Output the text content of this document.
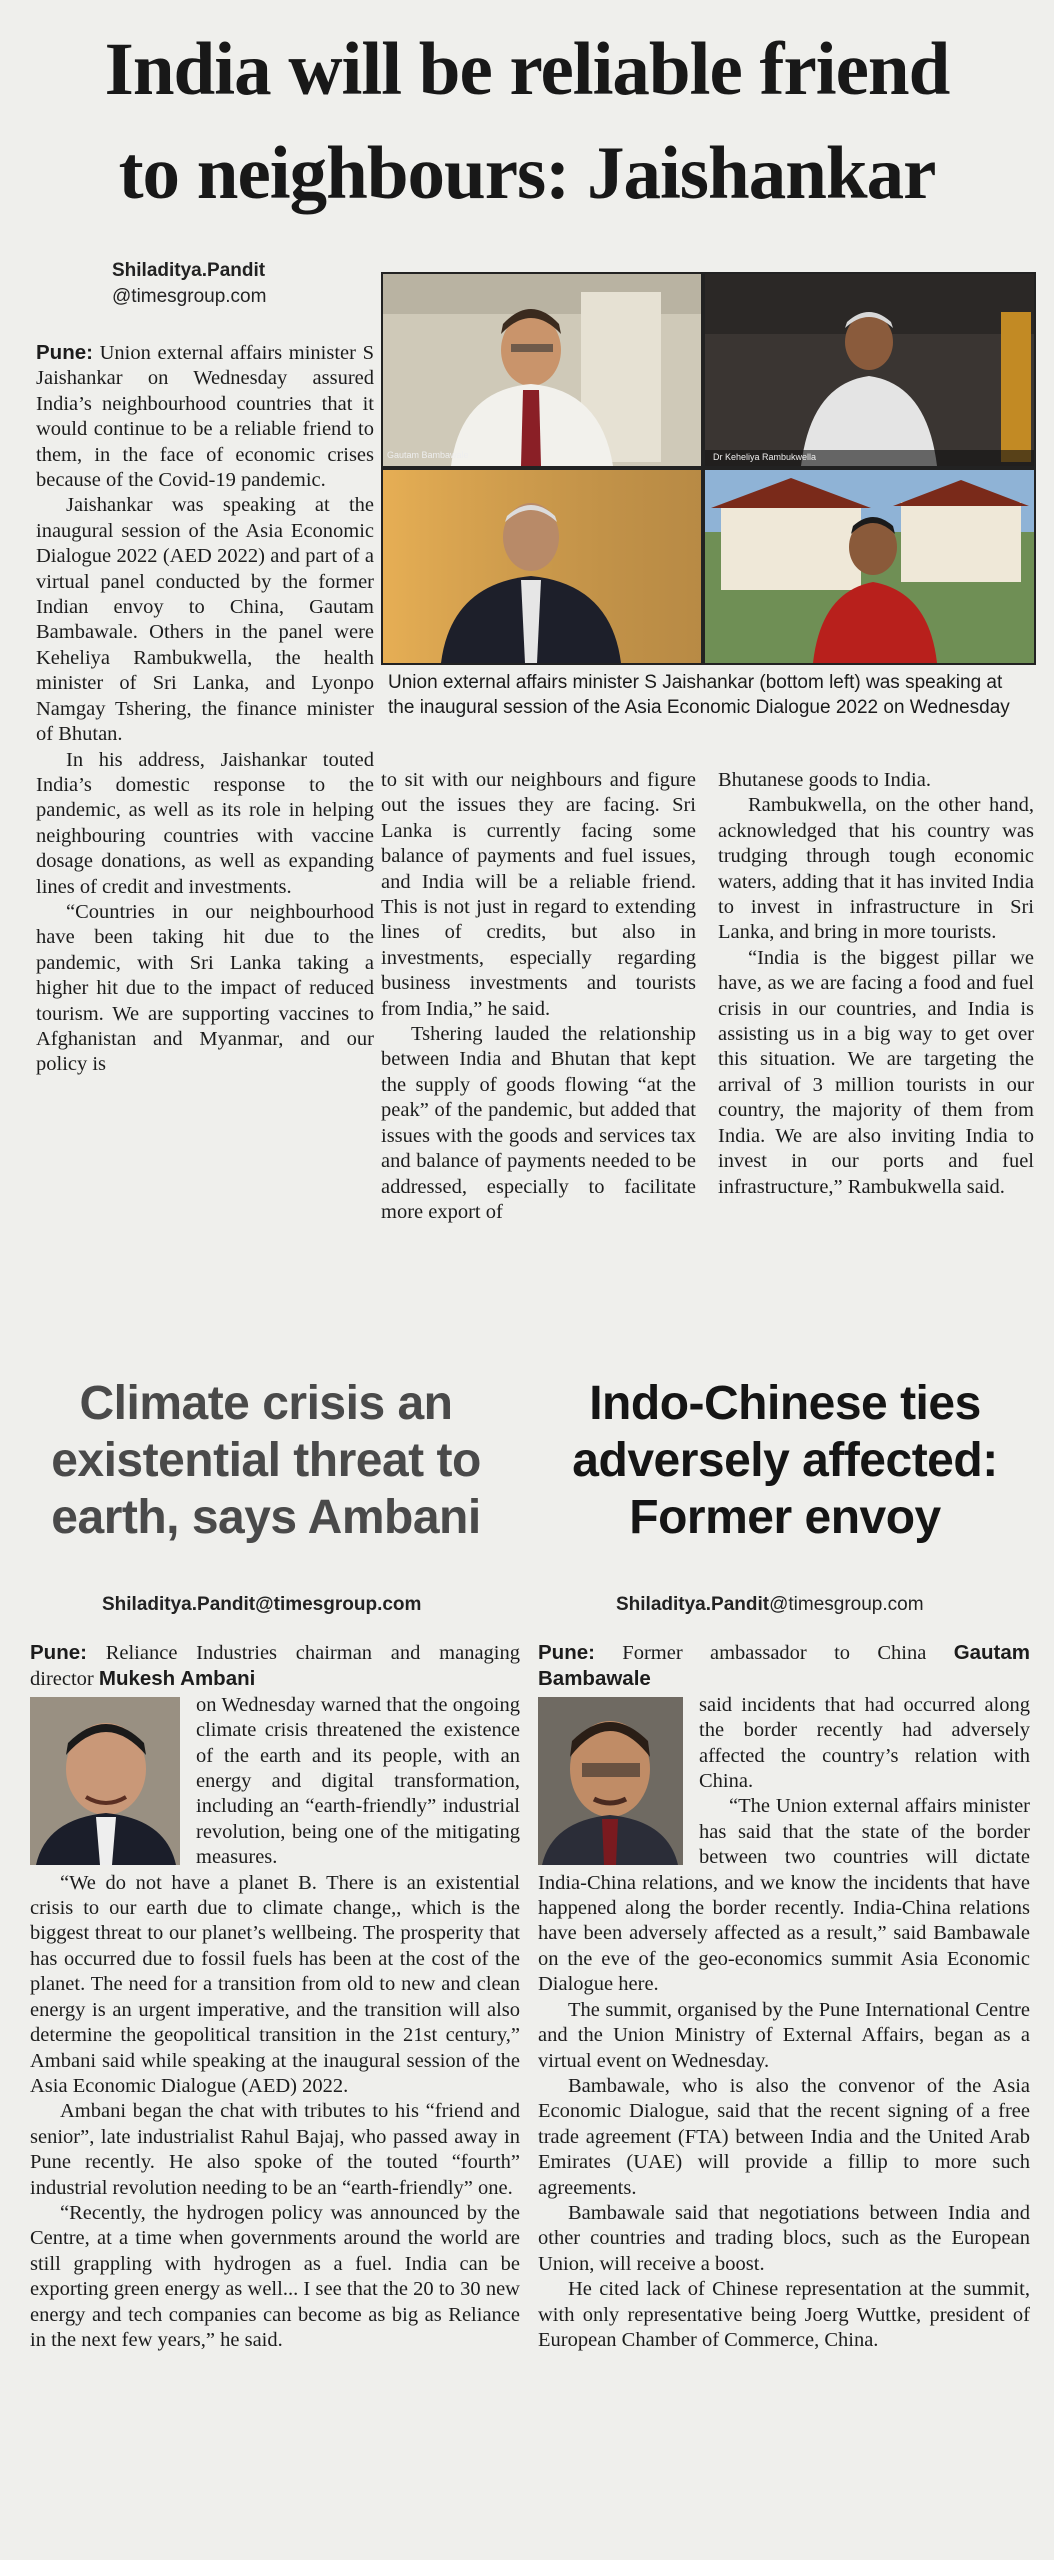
India will be reliable friend
to neighbours: Jaishankar
Shiladitya.Pandit
@timesgroup.com

Pune: Union external affairs minister S Jaishankar on Wednesday assured India’s neighbourhood countries that it would continue to be a reliable friend to them, in the face of economic crises because of the Covid-19 pandemic.

Jaishankar was speaking at the inaugural session of the Asia Economic Dialogue 2022 (AED 2022) and part of a virtual panel conducted by the former Indian envoy to China, Gautam Bambawale. Others in the panel were Keheliya Rambukwella, the health minister of Sri Lanka, and Lyonpo Namgay Tshering, the finance minister of Bhutan.

In his address, Jaishankar touted India’s domestic response to the pandemic, as well as its role in helping neighbouring countries with vaccine dosage donations, as well as expanding lines of credit and investments.

“Countries in our neighbourhood have been taking hit due to the pandemic, with Sri Lanka taking a higher hit due to the impact of reduced tourism. We are supporting vaccines to Afghanistan and Myanmar, and our policy is

Gautam Bambawale	Dr Keheliya Rambukwella
Union external affairs minister S Jaishankar (bottom left) was speaking at the inaugural session of the Asia Economic Dialogue 2022 on Wednesday

to sit with our neighbours and figure out the issues they are facing. Sri Lanka is currently facing some balance of payments and fuel issues, and India will be a reliable friend. This is not just in regard to extending lines of credits, but also in investments, especially regarding business investments and tourists from India,” he said.

Tshering lauded the relationship between India and Bhutan that kept the supply of goods flowing “at the peak” of the pandemic, but added that issues with the goods and services tax and balance of payments needed to be addressed, especially to facilitate more export of

Bhutanese goods to India.

Rambukwella, on the other hand, acknowledged that his country was trudging through tough economic waters, adding that it has invited India to invest in infrastructure in Sri Lanka, and bring in more tourists.

“India is the biggest pillar we have, as we are facing a food and fuel crisis in our countries, and India is assisting us in a big way to get over this situation. We are targeting the arrival of 3 million tourists in our country, the majority of them from India. We are also inviting India to invest in our ports and fuel infrastructure,” Rambukwella said.

Climate crisis an existential threat to earth, says Ambani
Shiladitya.Pandit@timesgroup.com

Pune: Reliance Industries chairman and managing director Mukesh Ambani

on Wednesday warned that the ongoing climate crisis threatened the existence of the earth and its people, with an energy and digital transformation, including an “earth-friendly” industrial revolution, being one of the mitigating measures.

“We do not have a planet B. There is an existential crisis to our earth due to climate change,, which is the biggest threat to our planet’s wellbeing. The prosperity that has occurred due to fossil fuels has been at the cost of the planet. The need for a transition from old to new and clean energy is an urgent imperative, and the transition will also determine the geopolitical transition in the 21st century,” Ambani said while speaking at the inaugural session of the Asia Economic Dialogue (AED) 2022.

Ambani began the chat with tributes to his “friend and senior”, late industrialist Rahul Bajaj, who passed away in Pune recently. He also spoke of the touted “fourth” industrial revolution needing to be an “earth-friendly” one.

“Recently, the hydrogen policy was announced by the Centre, at a time when governments around the world are still grappling with hydrogen as a fuel. India can be exporting green energy as well... I see that the 20 to 30 new energy and tech companies can become as big as Reliance in the next few years,” he said.

Indo-Chinese ties adversely affected: Former envoy
Shiladitya.Pandit@timesgroup.com

Pune: Former ambassador to China Gautam Bambawale

said incidents that had occurred along the border recently had adversely affected the country’s relation with China.

“The Union external affairs minister has said that the state of the border between two countries will dictate India-China relations, and we know the incidents that have happened along the border recently. India-China relations have been adversely affected as a result,” said Bambawale on the eve of the geo-economics summit Asia Economic Dialogue here.

The summit, organised by the Pune International Centre and the Union Ministry of External Affairs, began as a virtual event on Wednesday.

Bambawale, who is also the convenor of the Asia Economic Dialogue, said that the recent signing of a free trade agreement (FTA) between India and the United Arab Emirates (UAE) will provide a fillip to more such agreements.

Bambawale said that negotiations between India and other countries and trading blocs, such as the European Union, will receive a boost.

He cited lack of Chinese representation at the summit, with only representative being Joerg Wuttke, president of European Chamber of Commerce, China.
